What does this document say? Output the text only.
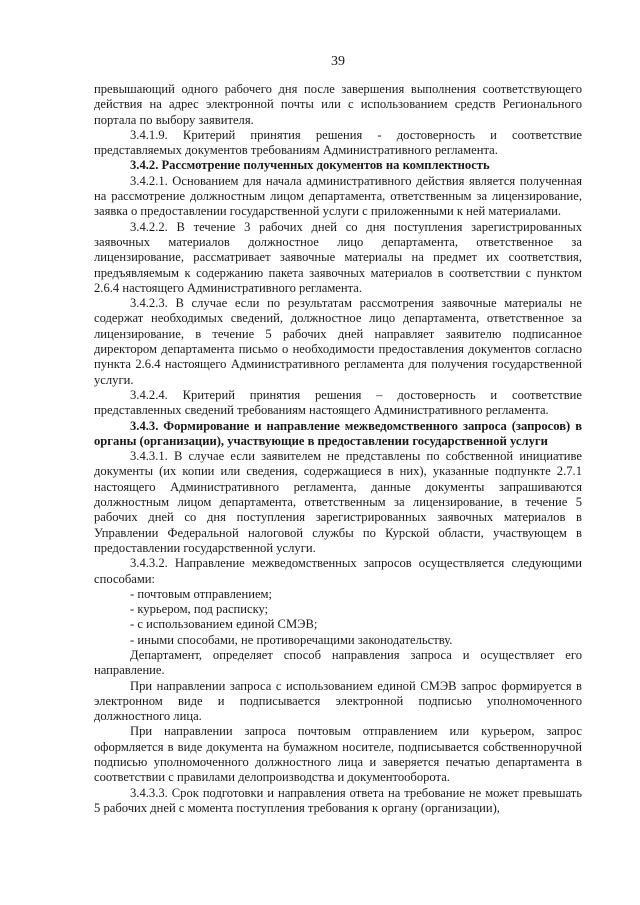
39

превышающий одного рабочего дня после завершения выполнения соответствующего действия на адрес электронной почты или с использованием средств Регионального портала по выбору заявителя.

3.4.1.9. Критерий принятия решения - достоверность и соответствие представляемых документов требованиям Административного регламента.

3.4.2. Рассмотрение полученных документов на комплектность

3.4.2.1. Основанием для начала административного действия является полученная на рассмотрение должностным лицом департамента, ответственным за лицензирование, заявка о предоставлении государственной услуги с приложенными к ней материалами.

3.4.2.2. В течение 3 рабочих дней со дня поступления зарегистрированных заявочных материалов должностное лицо департамента, ответственное за лицензирование, рассматривает заявочные материалы на предмет их соответствия, предъявляемым к содержанию пакета заявочных материалов в соответствии с пунктом 2.6.4 настоящего Административного регламента.

3.4.2.3. В случае если по результатам рассмотрения заявочные материалы не содержат необходимых сведений, должностное лицо департамента, ответственное за лицензирование, в течение 5 рабочих дней направляет заявителю подписанное директором департамента письмо о необходимости предоставления документов согласно пункта 2.6.4 настоящего Административного регламента для получения государственной услуги.

3.4.2.4. Критерий принятия решения – достоверность и соответствие представленных сведений требованиям настоящего Административного регламента.

3.4.3. Формирование и направление межведомственного запроса (запросов) в органы (организации), участвующие в предоставлении государственной услуги

3.4.3.1. В случае если заявителем не представлены по собственной инициативе документы (их копии или сведения, содержащиеся в них), указанные подпункте 2.7.1 настоящего Административного регламента, данные документы запрашиваются должностным лицом департамента, ответственным за лицензирование, в течение 5 рабочих дней со дня поступления зарегистрированных заявочных материалов в Управлении Федеральной налоговой службы по Курской области, участвующем в предоставлении государственной услуги.

3.4.3.2. Направление межведомственных запросов осуществляется следующими способами:

- почтовым отправлением;

- курьером, под расписку;

- с использованием единой СМЭВ;

- иными способами, не противоречащими законодательству.

Департамент, определяет способ направления запроса и осуществляет его направление.

При направлении запроса с использованием единой СМЭВ запрос формируется в электронном виде и подписывается электронной подписью уполномоченного должностного лица.

При направлении запроса почтовым отправлением или курьером, запрос оформляется в виде документа на бумажном носителе, подписывается собственноручной подписью уполномоченного должностного лица и заверяется печатью департамента в соответствии с правилами делопроизводства и документооборота.

3.4.3.3. Срок подготовки и направления ответа на требование не может превышать 5 рабочих дней с момента поступления требования к органу (организации),
